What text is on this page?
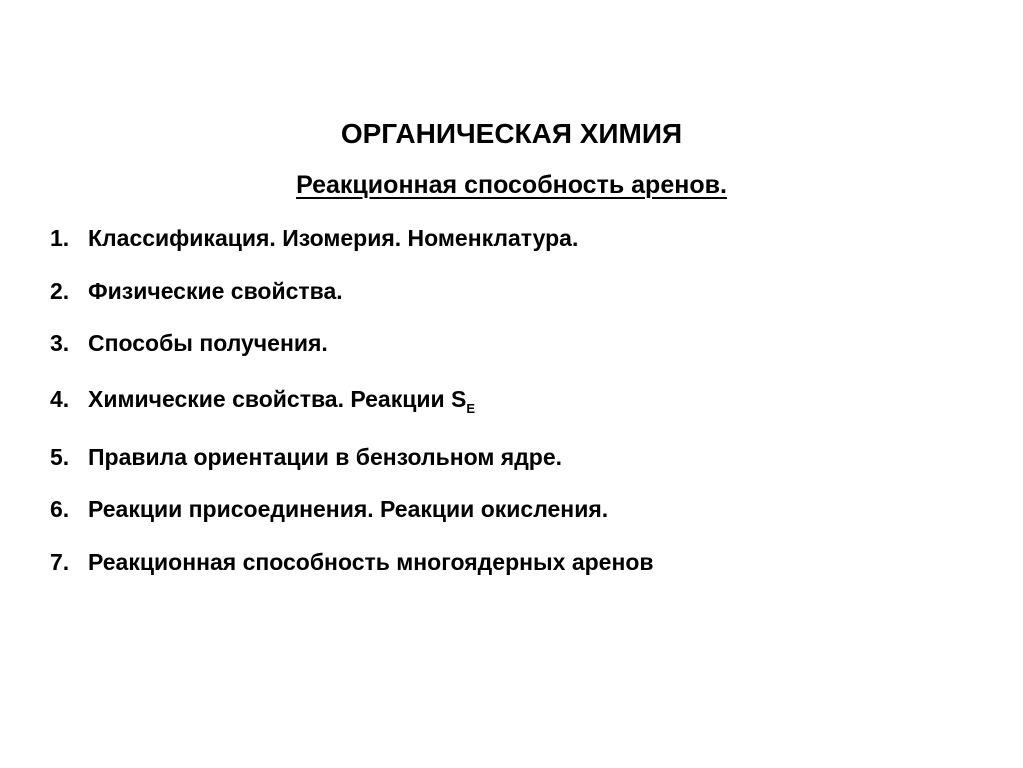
ОРГАНИЧЕСКАЯ ХИМИЯ
Реакционная способность аренов.
1. Классификация. Изомерия. Номенклатура.
2. Физические свойства.
3. Способы получения.
4. Химические свойства. Реакции $S_E$
5. Правила ориентации в бензольном ядре.
6. Реакции присоединения. Реакции окисления.
7. Реакционная способность многоядерных аренов
